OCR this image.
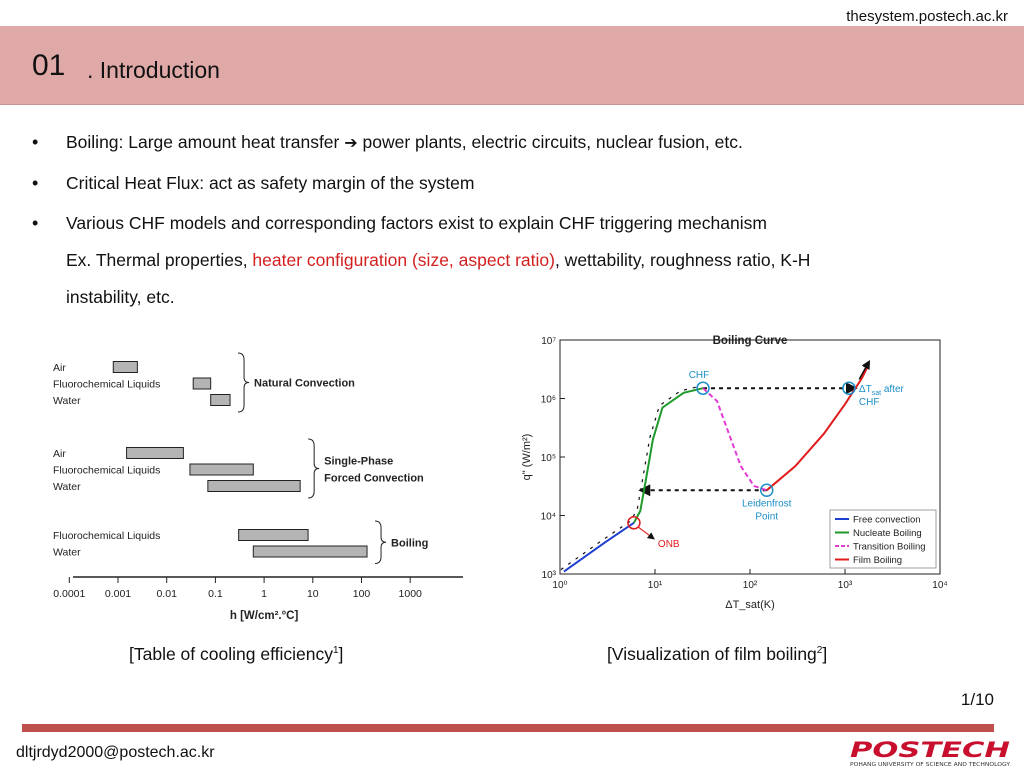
thesystem.postech.ac.kr
01 . Introduction
• Boiling: Large amount heat transfer ➔ power plants, electric circuits, nuclear fusion, etc.
• Critical Heat Flux: act as safety margin of the system
• Various CHF models and corresponding factors exist to explain CHF triggering mechanism
Ex. Thermal properties, heater configuration (size, aspect ratio), wettability, roughness ratio, K-H
instability, etc.
0.0001 0.001 0.01	0.1	1	10	100	1000
h [W/cm².°C]
Air
Fluorochemical Liquids
Water
Natural Convection
Air
Fluorochemical Liquids
Water
Single-Phase
Forced Convection
Fluorochemical Liquids
Water
Boiling
10⁰	10¹	10²	10³	10⁴
10³
10⁴
10⁵
10⁶
10⁷	Boiling Curve
ΔT_sat(K)
q" (W/m²)
CHF
ONB
Leidenfrost
Point
$\Delta T_{sat}$ after
CHF
Free convection
Nucleate Boiling
Transition Boiling
Film Boiling
[Table of cooling efficiency$^1$]	[Visualization of film boiling$^2$]
1/10
dltjrdyd2000@postech.ac.kr	POSTECH
POHANG UNIVERSITY OF SCIENCE AND TECHNOLOGY
